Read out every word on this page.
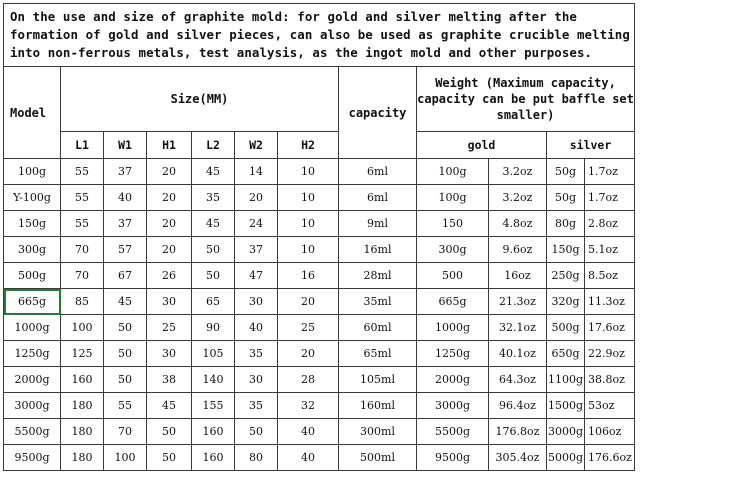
On the use and size of graphite mold: for gold and silver melting after the formation of gold and silver pieces, can also be used as graphite crucible melting into non-ferrous metals, test analysis, as the ingot mold and other purposes.											
Model	Size(MM)						capacity	Weight (Maximum capacity, capacity can be put baffle set smaller)			
	L1	W1	H1	L2	W2	H2		gold		silver	
100g	55	37	20	45	14	10	6ml	100g	3.2oz	50g	1.7oz
Y-100g	55	40	20	35	20	10	6ml	100g	3.2oz	50g	1.7oz
150g	55	37	20	45	24	10	9ml	150	4.8oz	80g	2.8oz
300g	70	57	20	50	37	10	16ml	300g	9.6oz	150g	5.1oz
500g	70	67	26	50	47	16	28ml	500	16oz	250g	8.5oz
665g	85	45	30	65	30	20	35ml	665g	21.3oz	320g	11.3oz
1000g	100	50	25	90	40	25	60ml	1000g	32.1oz	500g	17.6oz
1250g	125	50	30	105	35	20	65ml	1250g	40.1oz	650g	22.9oz
2000g	160	50	38	140	30	28	105ml	2000g	64.3oz	1100g	38.8oz
3000g	180	55	45	155	35	32	160ml	3000g	96.4oz	1500g	53oz
5500g	180	70	50	160	50	40	300ml	5500g	176.8oz	3000g	106oz
9500g	180	100	50	160	80	40	500ml	9500g	305.4oz	5000g	176.6oz
